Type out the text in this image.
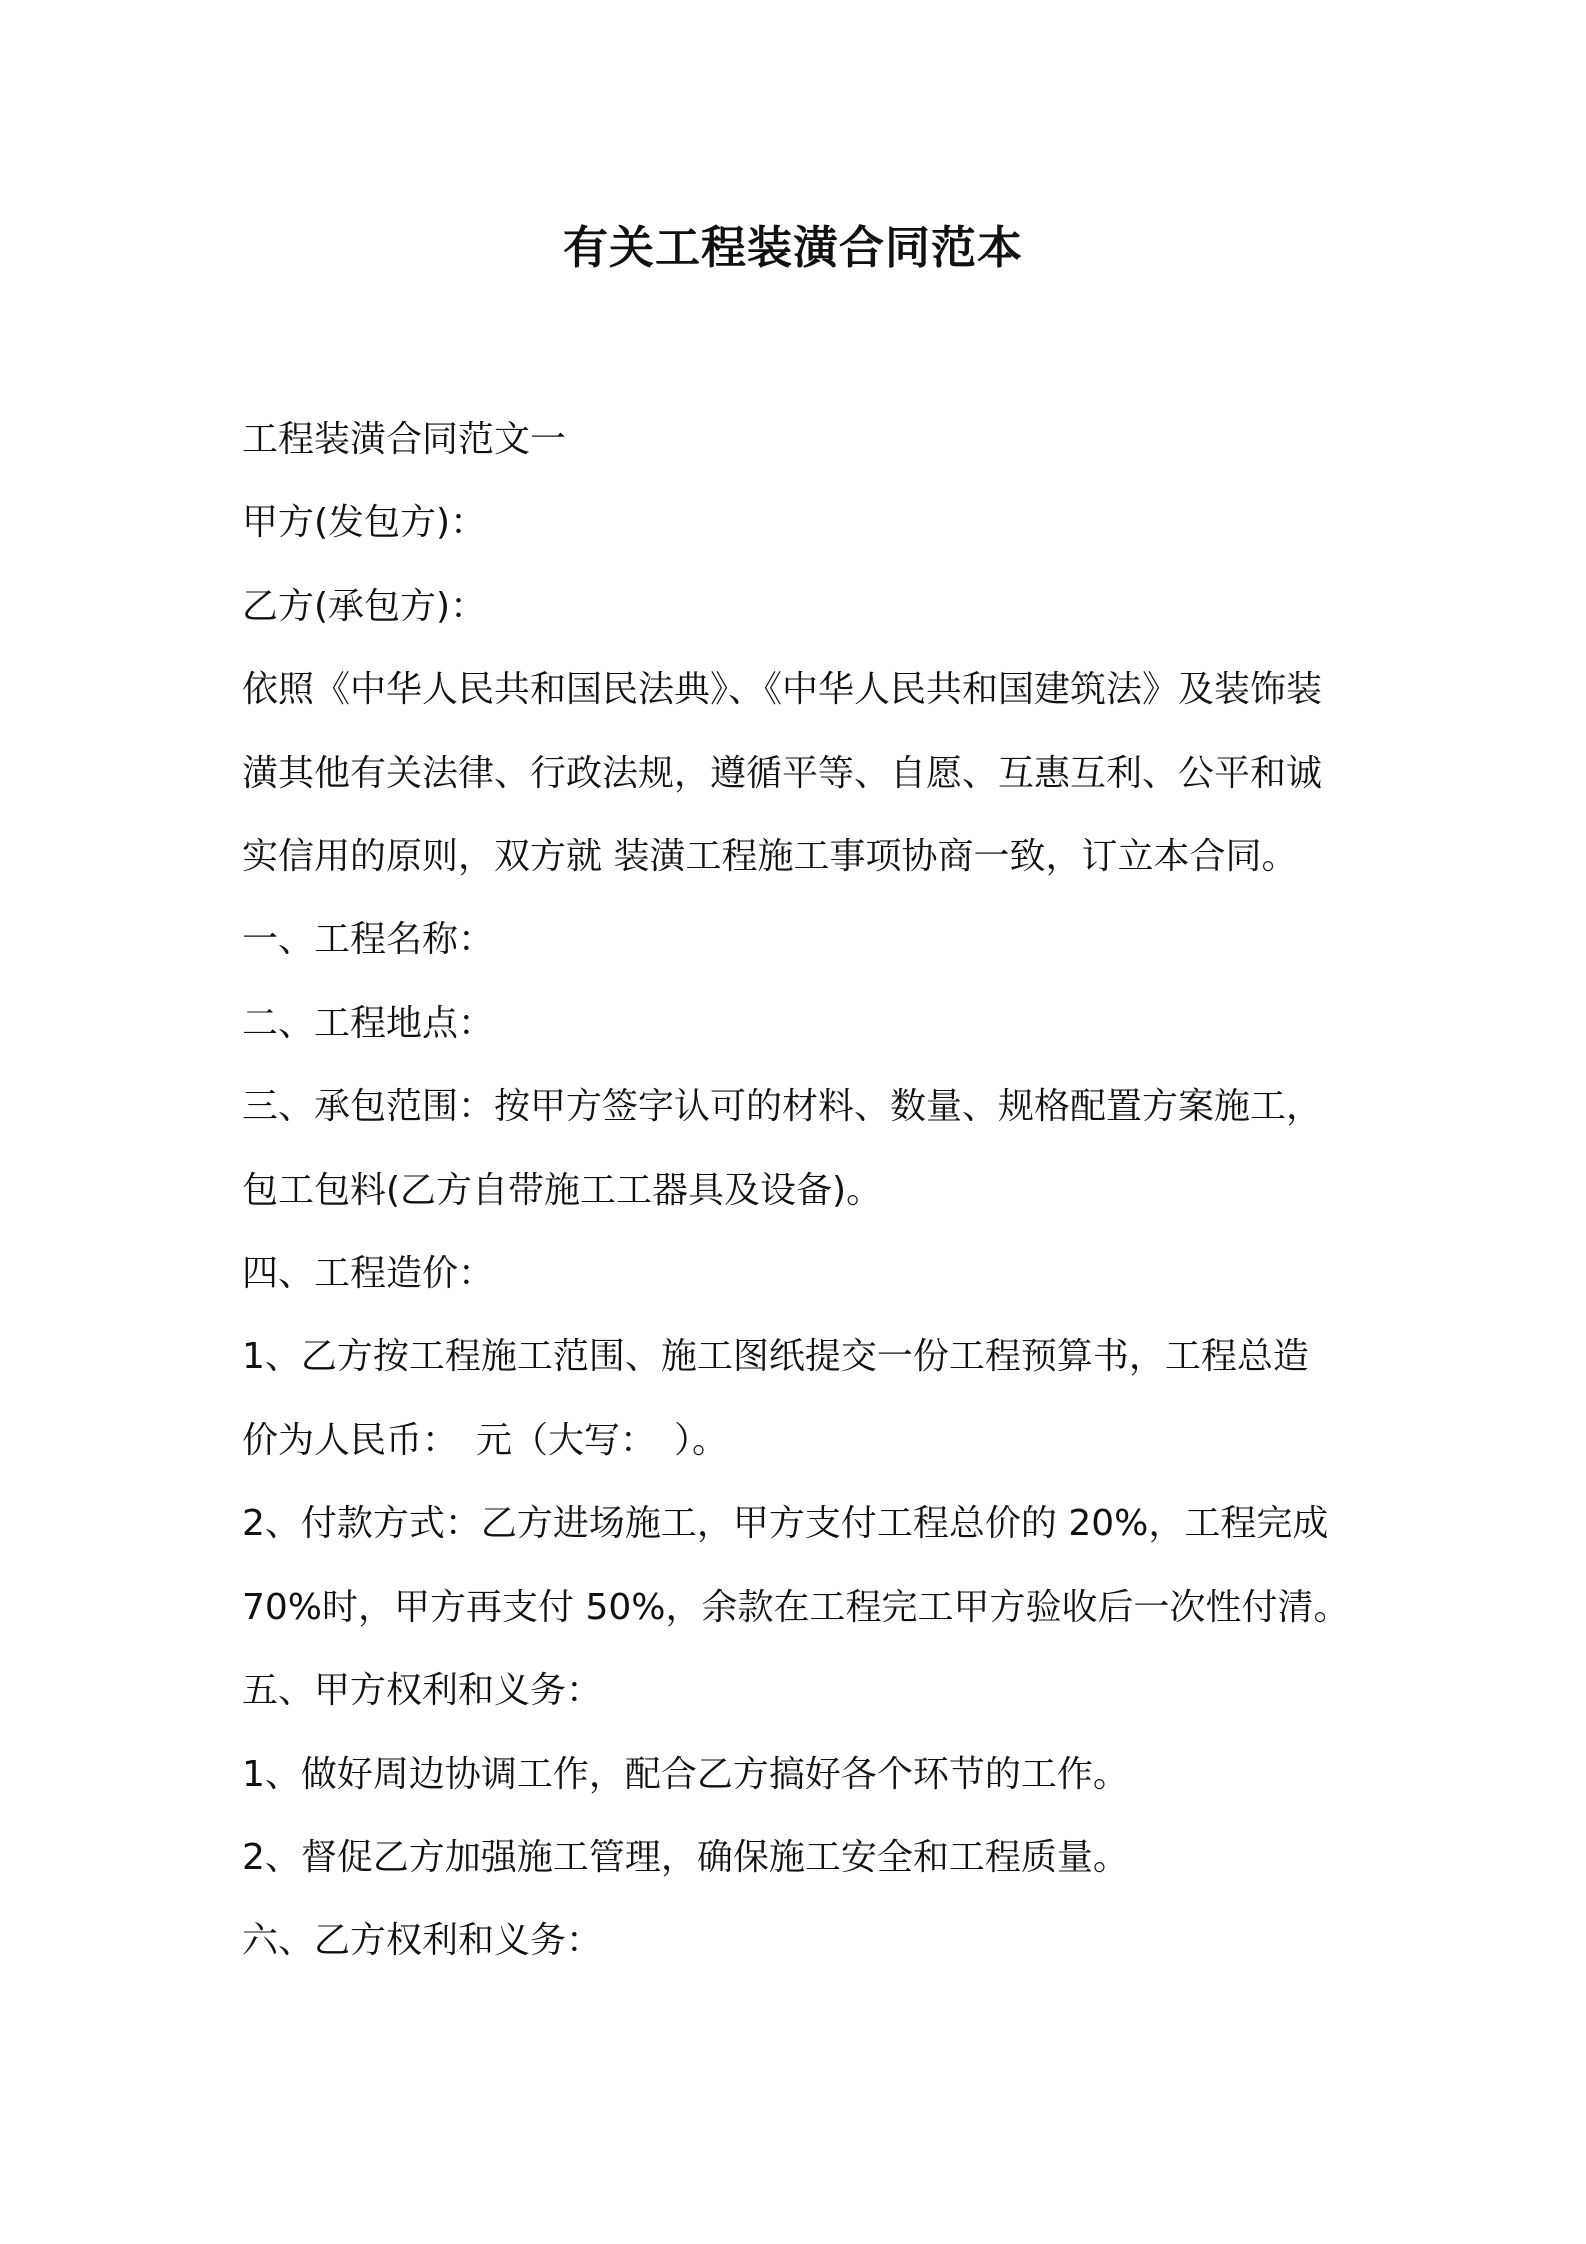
有关工程装潢合同范本

工程装潢合同范文一

甲方(发包方)：

乙方(承包方)：

依照《中华人民共和国民法典》、《中华人民共和国建筑法》及装饰装

潢其他有关法律、行政法规，遵循平等、自愿、互惠互利、公平和诚

实信用的原则，双方就 装潢工程施工事项协商一致，订立本合同。

一、工程名称：

二、工程地点：

三、承包范围：按甲方签字认可的材料、数量、规格配置方案施工，

包工包料(乙方自带施工工器具及设备)。

四、工程造价：

1、乙方按工程施工范围、施工图纸提交一份工程预算书，工程总造

价为人民币：　元（大写：　）。

2、付款方式：乙方进场施工，甲方支付工程总价的 20%，工程完成

70%时，甲方再支付 50%，余款在工程完工甲方验收后一次性付清。

五、甲方权利和义务：

1、做好周边协调工作，配合乙方搞好各个环节的工作。

2、督促乙方加强施工管理，确保施工安全和工程质量。

六、乙方权利和义务：
